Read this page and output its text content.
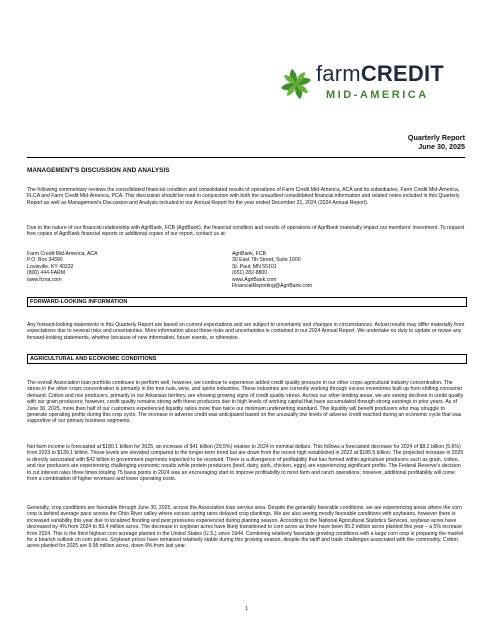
farmCREDIT
MID-AMERICA
Quarterly Report
June 30, 2025
MANAGEMENT'S DISCUSSION AND ANALYSIS
The following commentary reviews the consolidated financial condition and consolidated results of operations of Farm Credit Mid-America, ACA and its subsidiaries, Farm Credit Mid-America, FLCA and Farm Credit Mid-America, PCA. This discussion should be read in conjunction with both the unaudited consolidated financial information and related notes included in this Quarterly Report as well as Management's Discussion and Analysis included in our Annual Report for the year ended December 31, 2024 (2024 Annual Report).
Due to the nature of our financial relationship with AgriBank, FCB (AgriBank), the financial condition and results of operations of AgriBank materially impact our members' investment. To request free copies of AgriBank financial reports or additional copies of our report, contact us at:
Farm Credit Mid-America, ACA
P.O. Box 34390
Louisville, KY 40232
(800) 444-FARM
www.fcma.com
AgriBank, FCB
30 East 7th Street, Suite 1600
St. Paul, MN 55101
(651) 282-8800
www.AgriBank.com
FinancialReporting@AgriBank.com
FORWARD-LOOKING INFORMATION
Any forward-looking statements in this Quarterly Report are based on current expectations and are subject to uncertainty and changes in circumstances. Actual results may differ materially from expectations due to several risks and uncertainties. More information about these risks and uncertainties is contained in our 2024 Annual Report. We undertake no duty to update or revise any forward-looking statements, whether because of new information, future events, or otherwise.
AGRICULTURAL AND ECONOMIC CONDITIONS
The overall Association loan portfolio continues to perform well; however, we continue to experience added credit quality pressure in our other crops agricultural industry concentration. The stress in the other crops concentration is primarily in the tree nuts, wine, and spirits industries. These industries are currently working through excess inventories built up from shifting consumer demand. Cotton and rice producers, primarily in our Arkansas territory, are showing growing signs of credit quality stress. Across our other lending areas, we are seeing declines in credit quality with our grain producers; however, credit quality remains strong with these producers due to high levels of working capital that have accumulated through strong earnings in prior years. As of June 30, 2025, more than half of our customers experienced liquidity ratios more than twice our minimum underwriting standard. This liquidity will benefit producers who may struggle to generate operating profits during this crop cycle. The increase in adverse credit was anticipated based on the unusually low levels of adverse credit reached during an economic cycle that was supportive of our primary business segments.
Net farm income is forecasted at $180.1 billion for 2025, an increase of $41 billion (29.5%) relative to 2024 in nominal dollars. This follows a forecasted decrease for 2024 of $8.2 billion (5.6%) from 2023 to $139.1 billion. These levels are elevated compared to the longer-term trend but are down from the recent high established in 2022 at $185.5 billion. The projected increase in 2025 is directly associated with $42 billion in government payments expected to be received. There is a divergence of profitability that has formed within agriculture producers such as grain, cotton, and rice producers are experiencing challenging economic results while protein producers (beef, dairy, pork, chicken, eggs) are experiencing significant profits. The Federal Reserve's decision to cut interest rates three times totaling 75 basis points in 2024 was an encouraging start to improve profitability to most farm and ranch operations; however, additional profitability will come from a combination of higher revenues and lower operating costs.
Generally, crop conditions are favorable through June 30, 2025, across the Association loan service area. Despite the generally favorable conditions, we are experiencing areas where the corn crop is behind average pace across the Ohio River valley where excess spring rains delayed crop plantings. We are also seeing mostly favorable conditions with soybeans, however there is increased variability this year due to localized flooding and pest pressures experienced during planting season. According to the National Agricultural Statistics Services, soybean acres have decreased by 4% from 2024 to 83.4 million acres. The decrease in soybean acres have likely transitioned to corn acres as there have been 95.2 million acres planted this year – a 5% increase from 2024. This is the third highest corn acreage planted in the United States (U.S.) since 1944. Combining relatively favorable growing conditions with a large corn crop is preparing the market for a bearish outlook on corn prices. Soybean prices have remained relatively stable during this growing season, despite the tariff and trade challenges associated with the commodity. Cotton acres planted for 2025 are 9.95 million acres, down 9% from last year.
1
